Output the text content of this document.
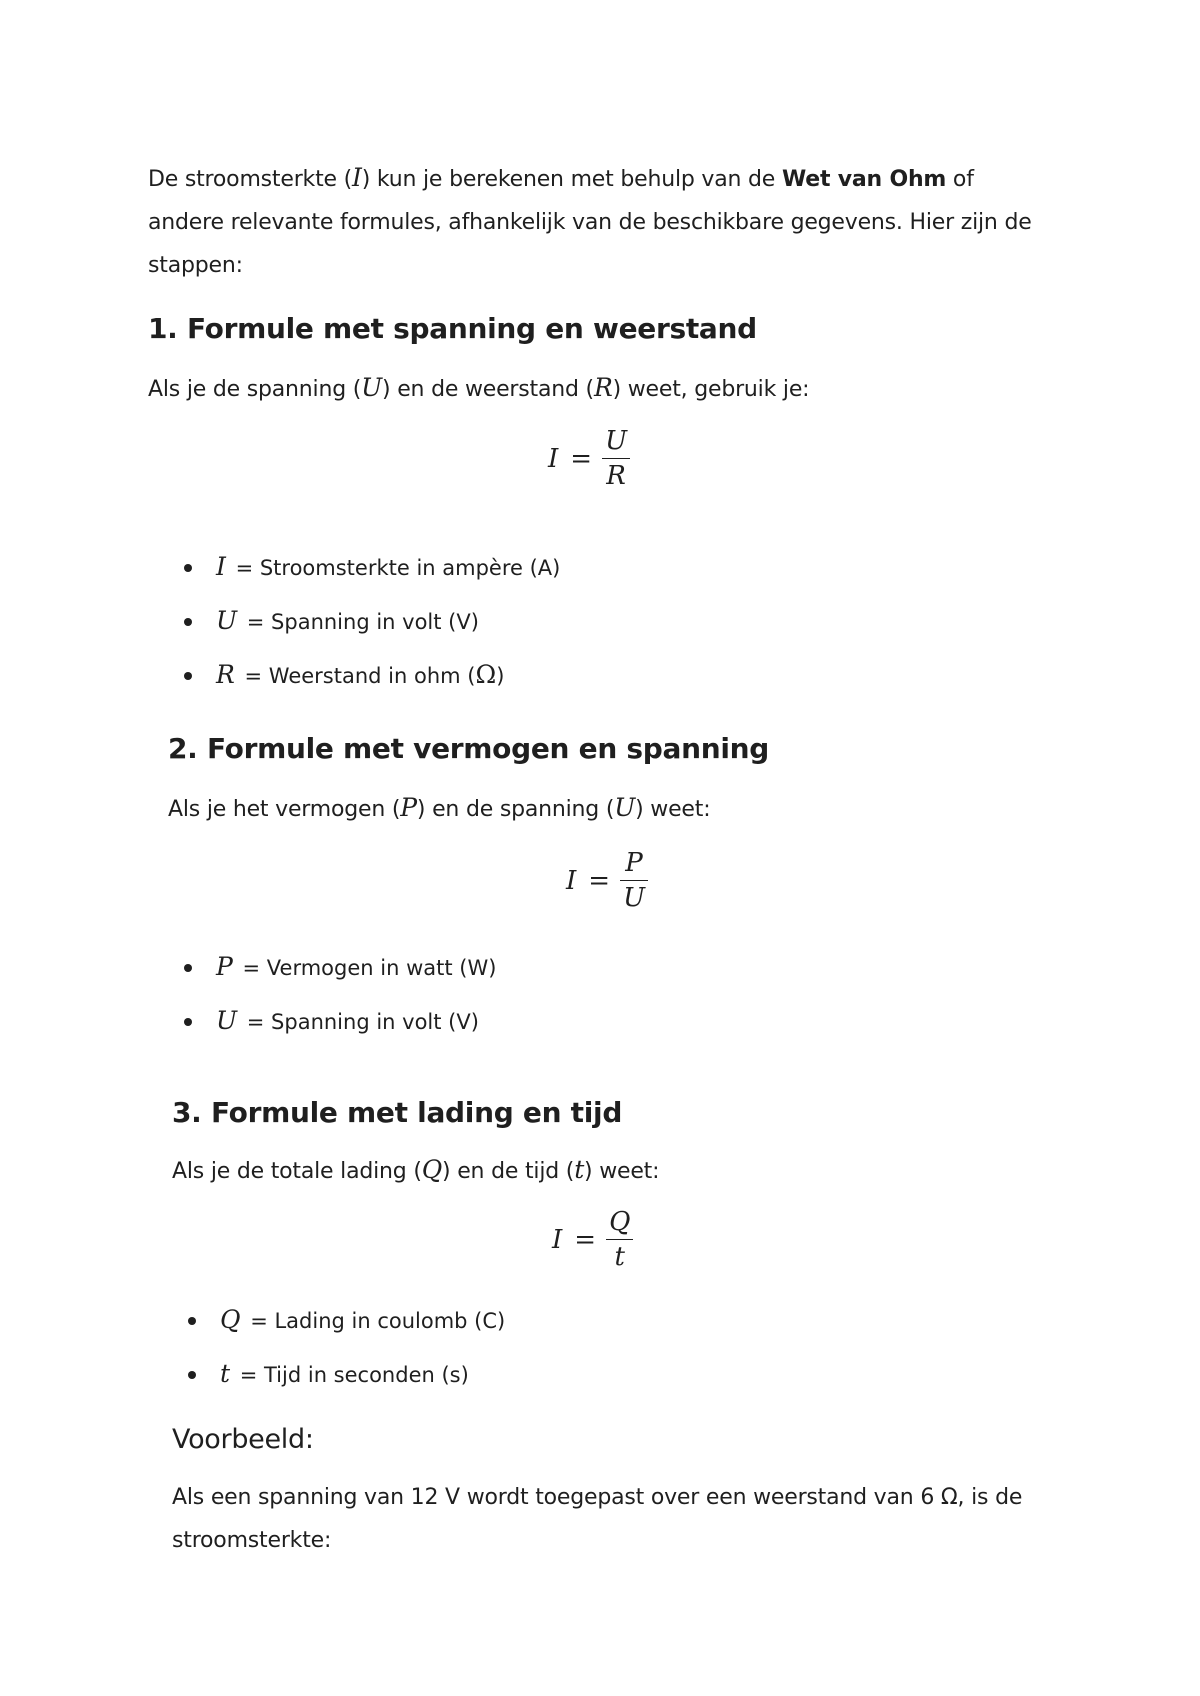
De stroomsterkte (I) kun je berekenen met behulp van de Wet van Ohm of
andere relevante formules, afhankelijk van de beschikbare gegevens. Hier zijn de
stappen:
1. Formule met spanning en weerstand
Als je de spanning (U) en de weerstand (R) weet, gebruik je:
$I = \frac{U}{R}$
I = Stroomsterkte in ampère (A)
U = Spanning in volt (V)
R = Weerstand in ohm (Ω)
2. Formule met vermogen en spanning
Als je het vermogen (P) en de spanning (U) weet:
$I = \frac{P}{U}$
P = Vermogen in watt (W)
U = Spanning in volt (V)
3. Formule met lading en tijd
Als je de totale lading (Q) en de tijd (t) weet:
$I = \frac{Q}{t}$
Q = Lading in coulomb (C)
t = Tijd in seconden (s)
Voorbeeld:
Als een spanning van 12 V wordt toegepast over een weerstand van 6 Ω, is de
stroomsterkte:
